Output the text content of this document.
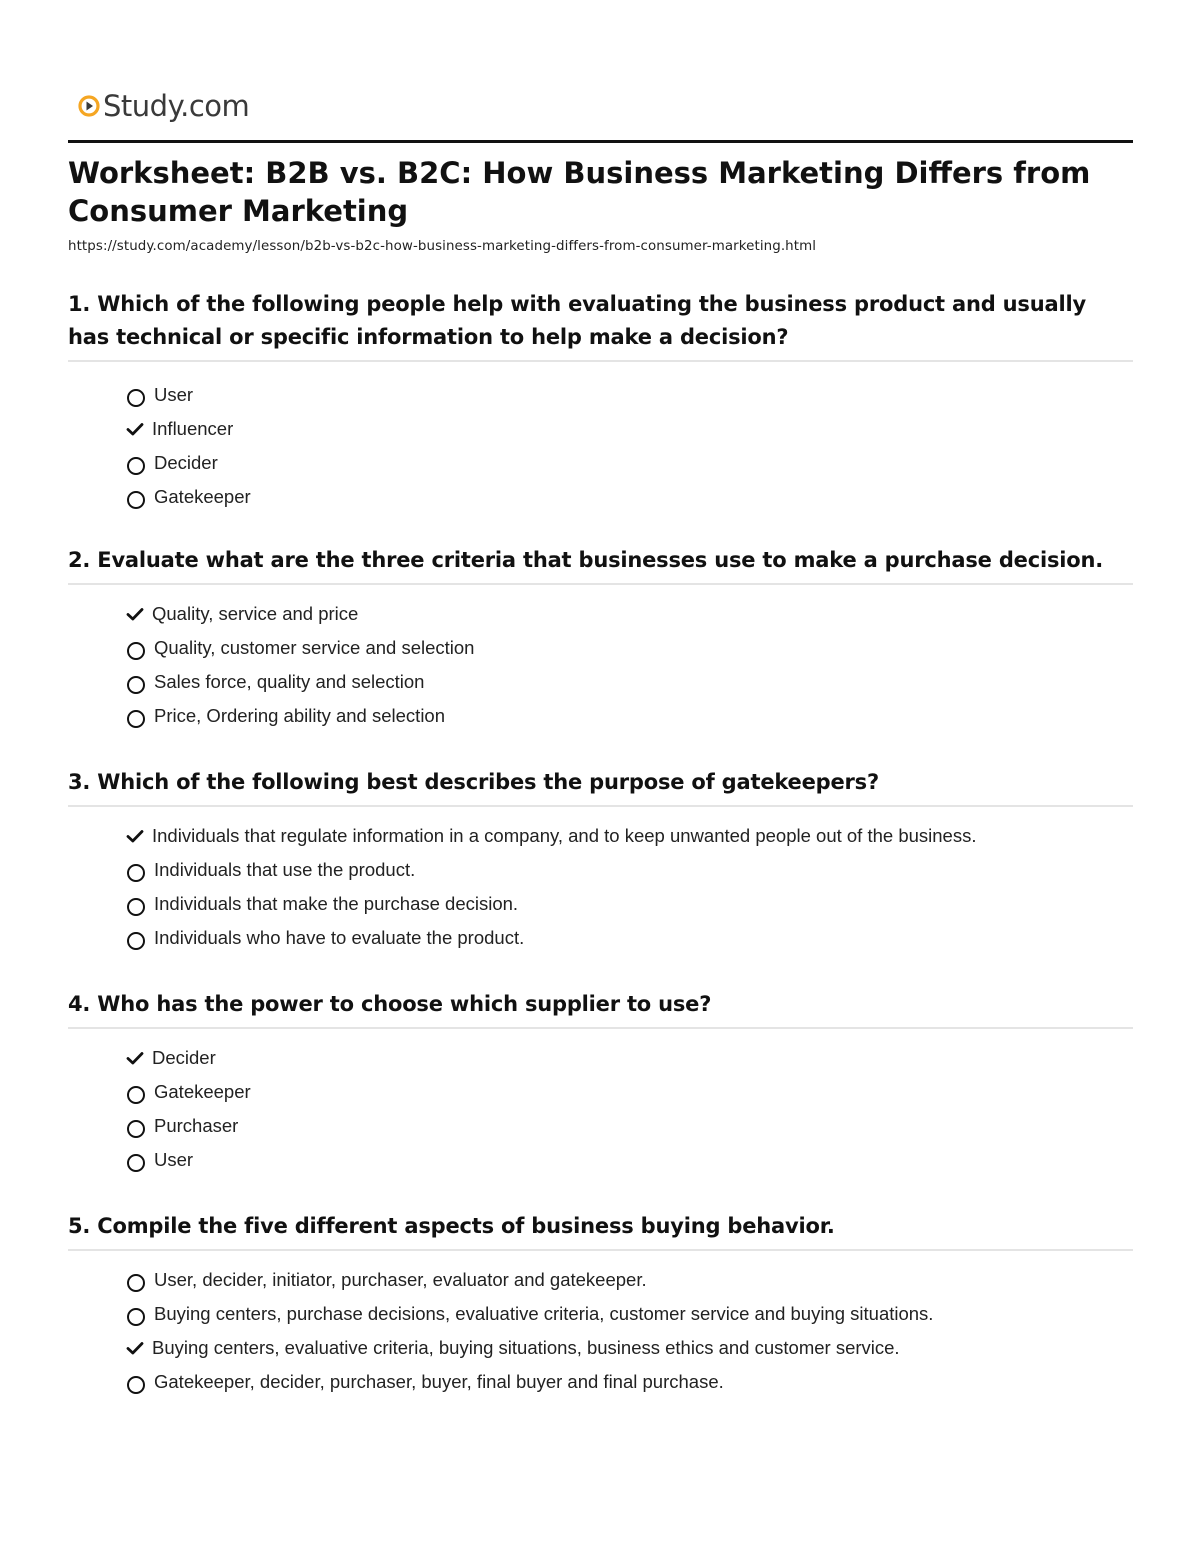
Study.com
Worksheet: B2B vs. B2C: How Business Marketing Differs from Consumer Marketing
https://study.com/academy/lesson/b2b-vs-b2c-how-business-marketing-differs-from-consumer-marketing.html

1. Which of the following people help with evaluating the business product and usually has technical or specific information to help make a decision?

User
Influencer
Decider
Gatekeeper

2. Evaluate what are the three criteria that businesses use to make a purchase decision.

Quality, service and price
Quality, customer service and selection
Sales force, quality and selection
Price, Ordering ability and selection

3. Which of the following best describes the purpose of gatekeepers?

Individuals that regulate information in a company, and to keep unwanted people out of the business.
Individuals that use the product.
Individuals that make the purchase decision.
Individuals who have to evaluate the product.

4. Who has the power to choose which supplier to use?

Decider
Gatekeeper
Purchaser
User

5. Compile the five different aspects of business buying behavior.

User, decider, initiator, purchaser, evaluator and gatekeeper.
Buying centers, purchase decisions, evaluative criteria, customer service and buying situations.
Buying centers, evaluative criteria, buying situations, business ethics and customer service.
Gatekeeper, decider, purchaser, buyer, final buyer and final purchase.
